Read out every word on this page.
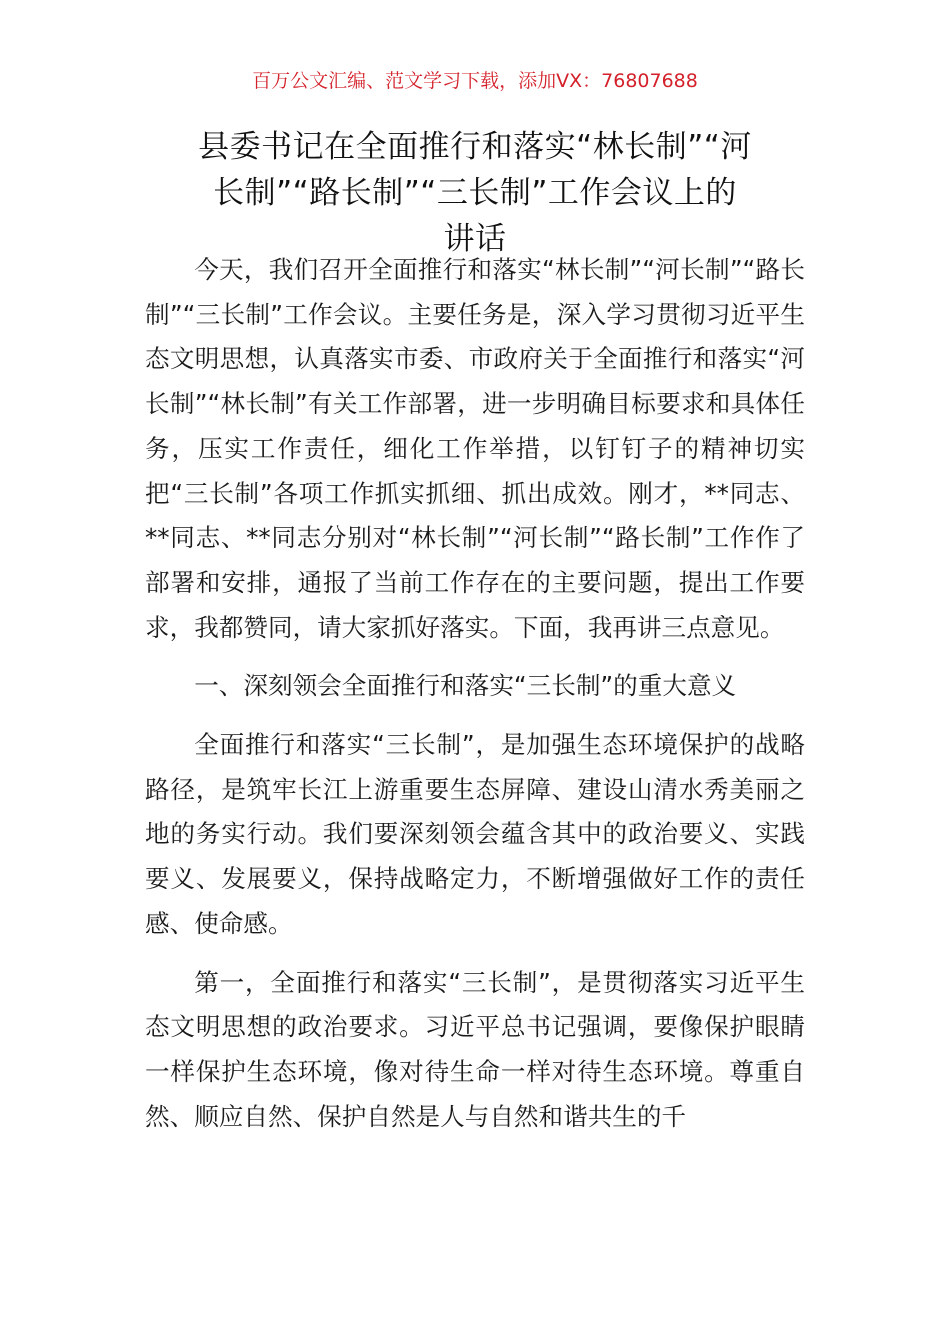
百万公文汇编、范文学习下载，添加VX：76807688
县委书记在全面推行和落实“林长制”“河
长制”“路长制”“三长制”工作会议上的
讲话

今天，我们召开全面推行和落实“林长制”“河长制”“路长制”“三长制”工作会议。主要任务是，深入学习贯彻习近平生态文明思想，认真落实市委、市政府关于全面推行和落实“河长制”“林长制”有关工作部署，进一步明确目标要求和具体任务，压实工作责任，细化工作举措，以钉钉子的精神切实把“三长制”各项工作抓实抓细、抓出成效。刚才，**同志、**同志、**同志分别对“林长制”“河长制”“路长制”工作作了部署和安排，通报了当前工作存在的主要问题，提出工作要求，我都赞同，请大家抓好落实。下面，我再讲三点意见。

一、深刻领会全面推行和落实“三长制”的重大意义

全面推行和落实“三长制”，是加强生态环境保护的战略路径，是筑牢长江上游重要生态屏障、建设山清水秀美丽之地的务实行动。我们要深刻领会蕴含其中的政治要义、实践要义、发展要义，保持战略定力，不断增强做好工作的责任感、使命感。

第一，全面推行和落实“三长制”，是贯彻落实习近平生态文明思想的政治要求。习近平总书记强调，要像保护眼睛一样保护生态环境，像对待生命一样对待生态环境。尊重自然、顺应自然、保护自然是人与自然和谐共生的千
